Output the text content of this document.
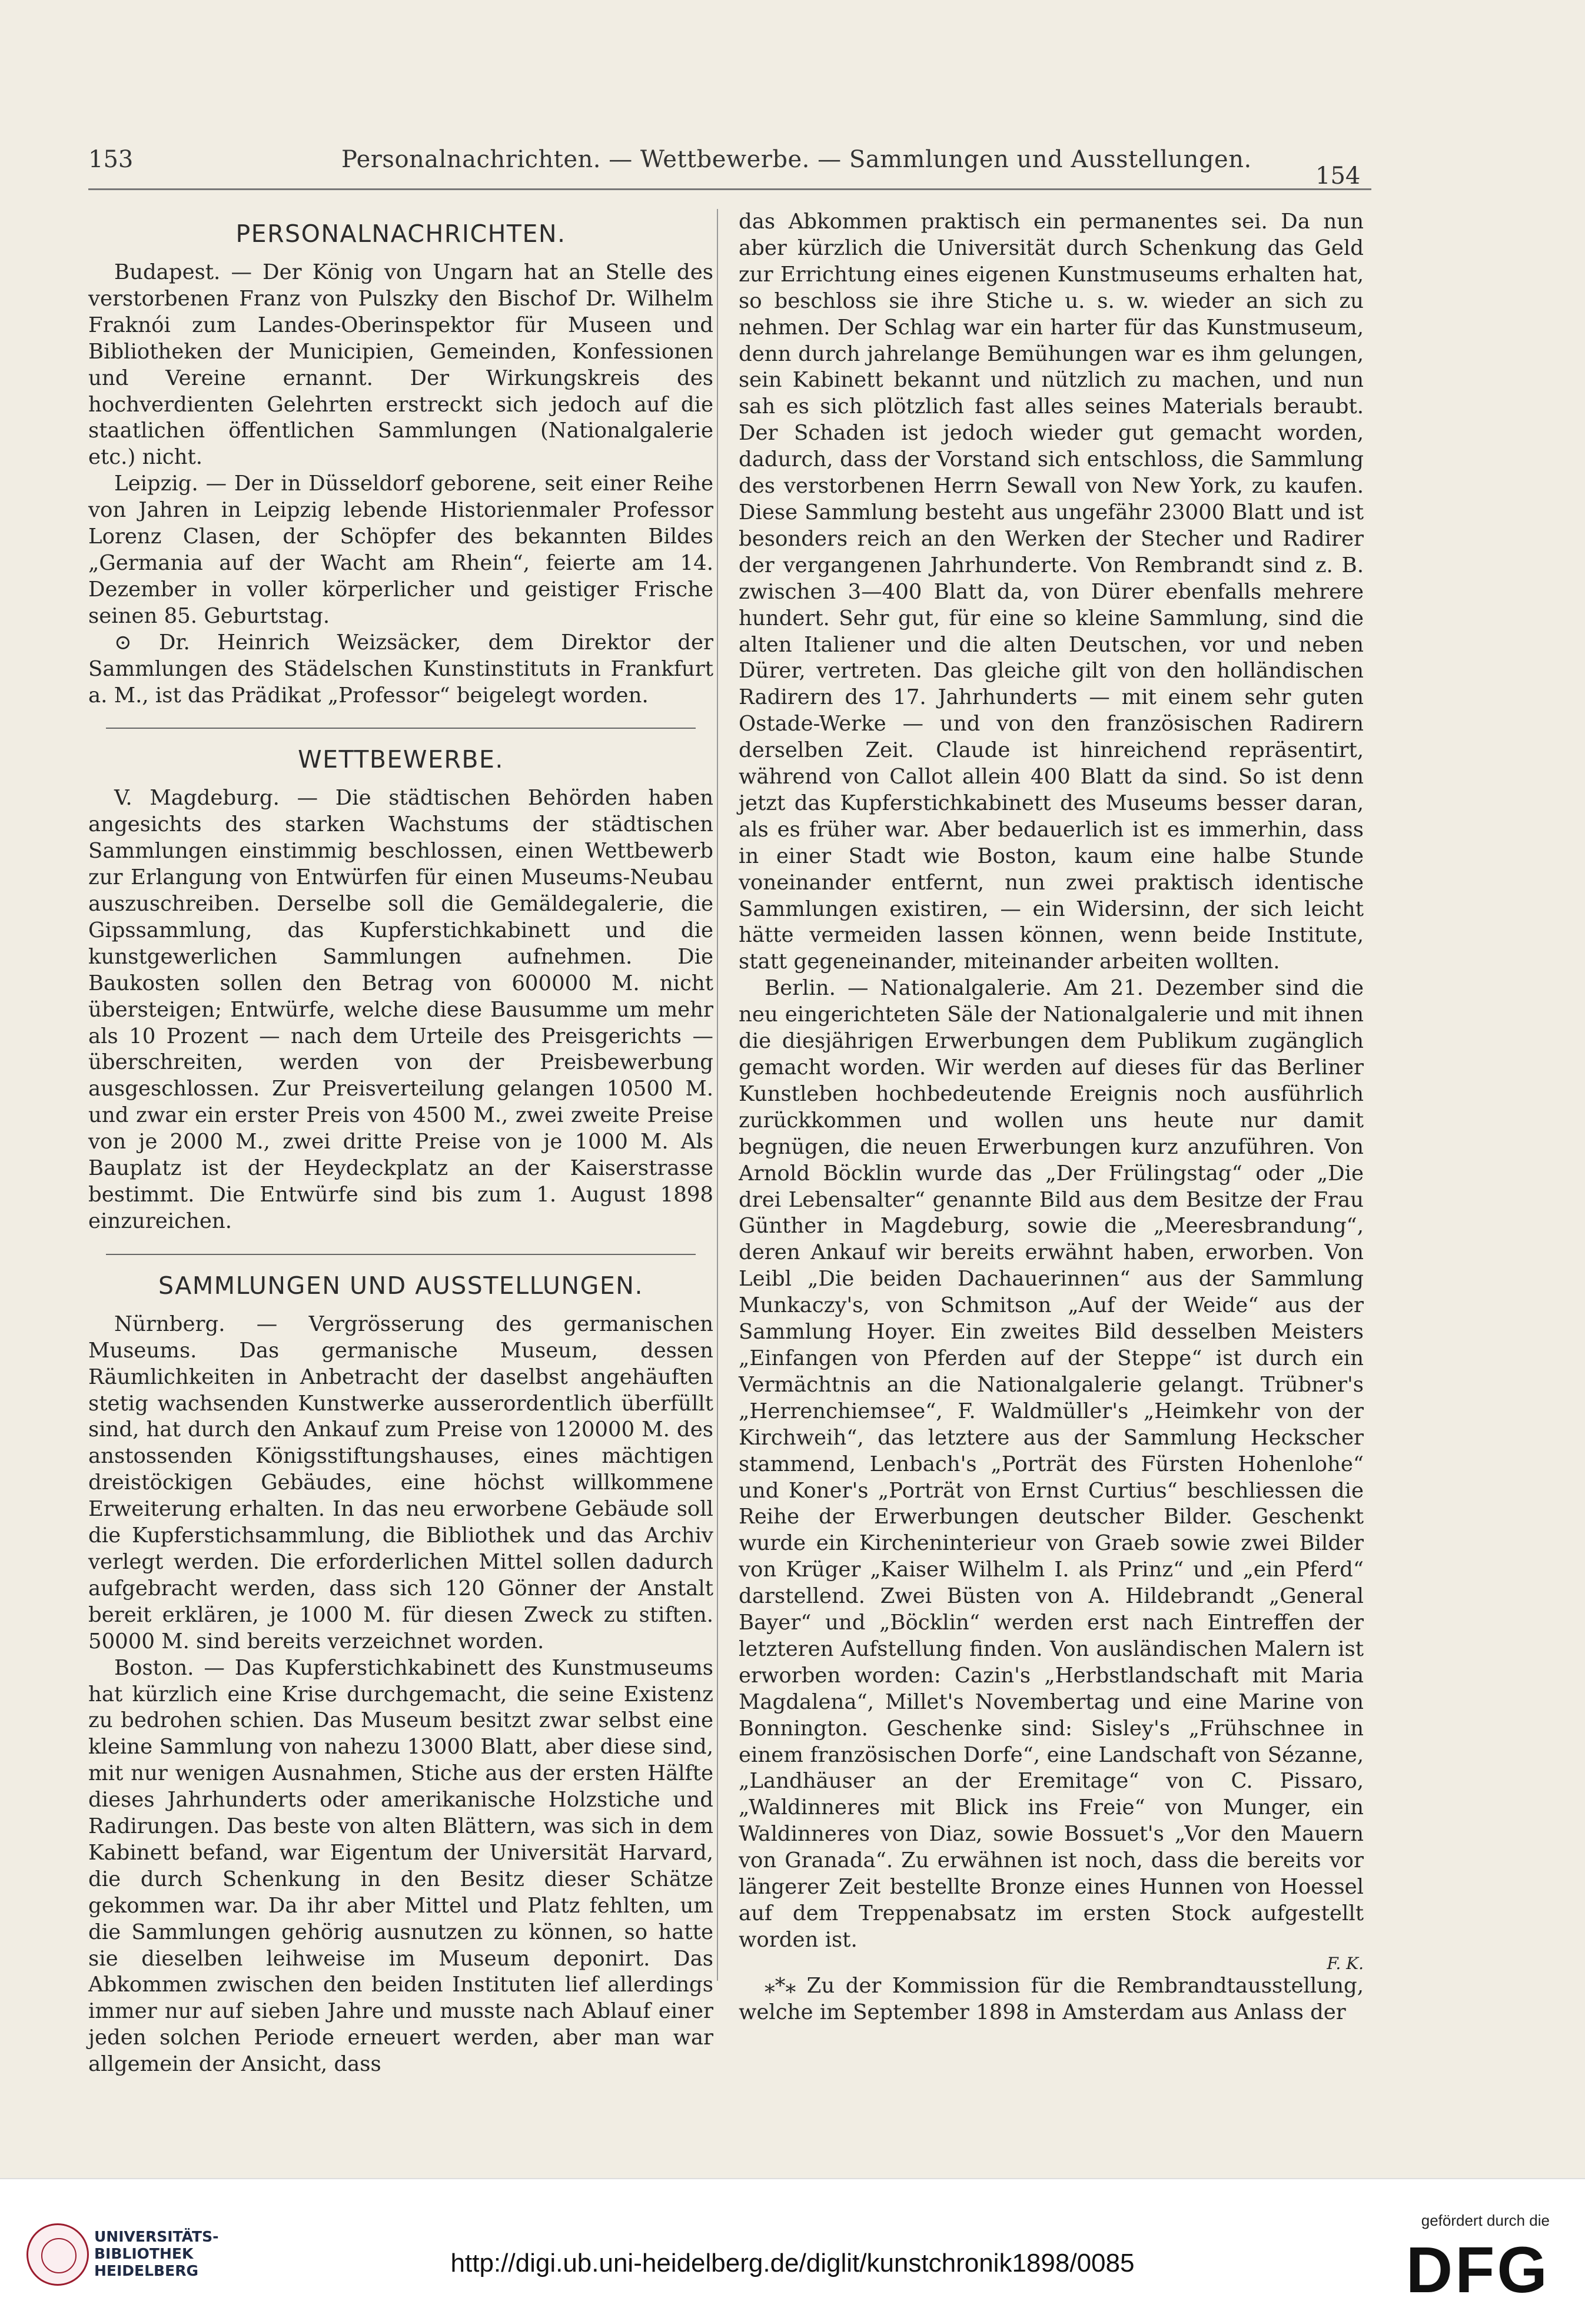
153	Personalnachrichten. — Wettbewerbe. — Sammlungen und Ausstellungen.
154
PERSONALNACHRICHTEN.

Budapest. — Der König von Ungarn hat an Stelle des verstorbenen Franz von Pulszky den Bischof Dr. Wilhelm Fraknói zum Landes-Oberinspektor für Museen und Bibliotheken der Municipien, Gemeinden, Konfessionen und Vereine ernannt. Der Wirkungskreis des hochverdienten Gelehrten erstreckt sich jedoch auf die staatlichen öffentlichen Sammlungen (Nationalgalerie etc.) nicht.

Leipzig. — Der in Düsseldorf geborene, seit einer Reihe von Jahren in Leipzig lebende Historienmaler Professor Lorenz Clasen, der Schöpfer des bekannten Bildes „Germania auf der Wacht am Rhein“, feierte am 14. Dezember in voller körperlicher und geistiger Frische seinen 85. Geburtstag.

⊙ Dr. Heinrich Weizsäcker, dem Direktor der Sammlungen des Städelschen Kunstinstituts in Frankfurt a. M., ist das Prädikat „Professor“ beigelegt worden.

WETTBEWERBE.

V. Magdeburg. — Die städtischen Behörden haben angesichts des starken Wachstums der städtischen Sammlungen einstimmig beschlossen, einen Wettbewerb zur Erlangung von Entwürfen für einen Museums-Neubau auszuschreiben. Derselbe soll die Gemäldegalerie, die Gipssammlung, das Kupferstichkabinett und die kunstgewerlichen Sammlungen aufnehmen. Die Baukosten sollen den Betrag von 600000 M. nicht übersteigen; Entwürfe, welche diese Bausumme um mehr als 10 Prozent — nach dem Urteile des Preisgerichts — überschreiten, werden von der Preisbewerbung ausgeschlossen. Zur Preisverteilung gelangen 10500 M. und zwar ein erster Preis von 4500 M., zwei zweite Preise von je 2000 M., zwei dritte Preise von je 1000 M. Als Bauplatz ist der Heydeckplatz an der Kaiserstrasse bestimmt. Die Entwürfe sind bis zum 1. August 1898 einzureichen.

SAMMLUNGEN UND AUSSTELLUNGEN.

Nürnberg. — Vergrösserung des germanischen Museums. Das germanische Museum, dessen Räumlichkeiten in Anbetracht der daselbst angehäuften stetig wachsenden Kunstwerke ausserordentlich überfüllt sind, hat durch den Ankauf zum Preise von 120000 M. des anstossenden Königsstiftungshauses, eines mächtigen dreistöckigen Gebäudes, eine höchst willkommene Erweiterung erhalten. In das neu erworbene Gebäude soll die Kupferstichsammlung, die Bibliothek und das Archiv verlegt werden. Die erforderlichen Mittel sollen dadurch aufgebracht werden, dass sich 120 Gönner der Anstalt bereit erklären, je 1000 M. für diesen Zweck zu stiften. 50000 M. sind bereits verzeichnet worden.

Boston. — Das Kupferstichkabinett des Kunstmuseums hat kürzlich eine Krise durchgemacht, die seine Existenz zu bedrohen schien. Das Museum besitzt zwar selbst eine kleine Sammlung von nahezu 13000 Blatt, aber diese sind, mit nur wenigen Ausnahmen, Stiche aus der ersten Hälfte dieses Jahrhunderts oder amerikanische Holzstiche und Radirungen. Das beste von alten Blättern, was sich in dem Kabinett befand, war Eigentum der Universität Harvard, die durch Schenkung in den Besitz dieser Schätze gekommen war. Da ihr aber Mittel und Platz fehlten, um die Sammlungen gehörig ausnutzen zu können, so hatte sie dieselben leihweise im Museum deponirt. Das Abkommen zwischen den beiden Instituten lief allerdings immer nur auf sieben Jahre und musste nach Ablauf einer jeden solchen Periode erneuert werden, aber man war allgemein der Ansicht, dass

das Abkommen praktisch ein permanentes sei. Da nun aber kürzlich die Universität durch Schenkung das Geld zur Errichtung eines eigenen Kunstmuseums erhalten hat, so beschloss sie ihre Stiche u. s. w. wieder an sich zu nehmen. Der Schlag war ein harter für das Kunstmuseum, denn durch jahrelange Bemühungen war es ihm gelungen, sein Kabinett bekannt und nützlich zu machen, und nun sah es sich plötzlich fast alles seines Materials beraubt. Der Schaden ist jedoch wieder gut gemacht worden, dadurch, dass der Vorstand sich entschloss, die Sammlung des verstorbenen Herrn Sewall von New York, zu kaufen. Diese Sammlung besteht aus ungefähr 23000 Blatt und ist besonders reich an den Werken der Stecher und Radirer der vergangenen Jahrhunderte. Von Rembrandt sind z. B. zwischen 3—400 Blatt da, von Dürer ebenfalls mehrere hundert. Sehr gut, für eine so kleine Sammlung, sind die alten Italiener und die alten Deutschen, vor und neben Dürer, vertreten. Das gleiche gilt von den holländischen Radirern des 17. Jahrhunderts — mit einem sehr guten Ostade-Werke — und von den französischen Radirern derselben Zeit. Claude ist hinreichend repräsentirt, während von Callot allein 400 Blatt da sind. So ist denn jetzt das Kupferstichkabinett des Museums besser daran, als es früher war. Aber bedauerlich ist es immerhin, dass in einer Stadt wie Boston, kaum eine halbe Stunde voneinander entfernt, nun zwei praktisch identische Sammlungen existiren, — ein Widersinn, der sich leicht hätte vermeiden lassen können, wenn beide Institute, statt gegeneinander, miteinander arbeiten wollten.

Berlin. — Nationalgalerie. Am 21. Dezember sind die neu eingerichteten Säle der Nationalgalerie und mit ihnen die diesjährigen Erwerbungen dem Publikum zugänglich gemacht worden. Wir werden auf dieses für das Berliner Kunstleben hochbedeutende Ereignis noch ausführlich zurückkommen und wollen uns heute nur damit begnügen, die neuen Erwerbungen kurz anzuführen. Von Arnold Böcklin wurde das „Der Frülingstag“ oder „Die drei Lebensalter“ genannte Bild aus dem Besitze der Frau Günther in Magdeburg, sowie die „Meeresbrandung“, deren Ankauf wir bereits erwähnt haben, erworben. Von Leibl „Die beiden Dachauerinnen“ aus der Sammlung Munkaczy's, von Schmitson „Auf der Weide“ aus der Sammlung Hoyer. Ein zweites Bild desselben Meisters „Einfangen von Pferden auf der Steppe“ ist durch ein Vermächtnis an die Nationalgalerie gelangt. Trübner's „Herrenchiemsee“, F. Waldmüller's „Heimkehr von der Kirchweih“, das letztere aus der Sammlung Heckscher stammend, Lenbach's „Porträt des Fürsten Hohenlohe“ und Koner's „Porträt von Ernst Curtius“ beschliessen die Reihe der Erwerbungen deutscher Bilder. Geschenkt wurde ein Kircheninterieur von Graeb sowie zwei Bilder von Krüger „Kaiser Wilhelm I. als Prinz“ und „ein Pferd“ darstellend. Zwei Büsten von A. Hildebrandt „General Bayer“ und „Böcklin“ werden erst nach Eintreffen der letzteren Aufstellung finden. Von ausländischen Malern ist erworben worden: Cazin's „Herbstlandschaft mit Maria Magdalena“, Millet's Novembertag und eine Marine von Bonnington. Geschenke sind: Sisley's „Frühschnee in einem französischen Dorfe“, eine Landschaft von Sézanne, „Landhäuser an der Eremitage“ von C. Pissaro, „Waldinneres mit Blick ins Freie“ von Munger, ein Waldinneres von Diaz, sowie Bossuet's „Vor den Mauern von Granada“. Zu erwähnen ist noch, dass die bereits vor längerer Zeit bestellte Bronze eines Hunnen von Hoessel auf dem Treppenabsatz im ersten Stock aufgestellt worden ist.

F. K.

⁎*⁎ Zu der Kommission für die Rembrandtausstellung, welche im September 1898 in Amsterdam aus Anlass der

UNIVERSITÄTS-
BIBLIOTHEK
HEIDELBERG	http://digi.ub.uni-heidelberg.de/diglit/kunstchronik1898/0085
gefördert durch die
DFG
